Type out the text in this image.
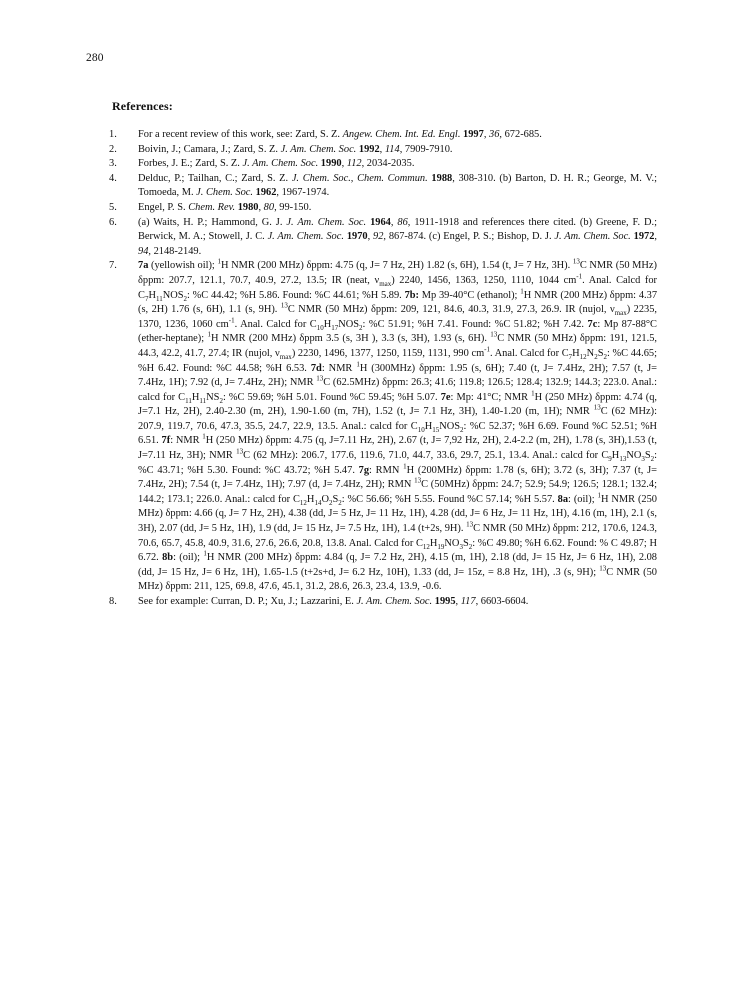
280
References:
1.	For a recent review of this work, see: Zard, S. Z. Angew. Chem. Int. Ed. Engl. 1997, 36, 672-685.
2.	Boivin, J.; Camara, J.; Zard, S. Z. J. Am. Chem. Soc. 1992, 114, 7909-7910.
3.	Forbes, J. E.; Zard, S. Z. J. Am. Chem. Soc. 1990, 112, 2034-2035.
4.	Delduc, P.; Tailhan, C.; Zard, S. Z. J. Chem. Soc., Chem. Commun. 1988, 308-310. (b) Barton, D. H. R.; George, M. V.; Tomoeda, M. J. Chem. Soc. 1962, 1967-1974.
5.	Engel, P. S. Chem. Rev. 1980, 80, 99-150.
6.	(a) Waits, H. P.; Hammond, G. J. J. Am. Chem. Soc. 1964, 86, 1911-1918 and references there cited. (b) Greene, F. D.; Berwick, M. A.; Stowell, J. C. J. Am. Chem. Soc. 1970, 92, 867-874. (c) Engel, P. S.; Bishop, D. J. J. Am. Chem. Soc. 1972, 94, 2148-2149.
7.	7a (yellowish oil); $^1$H NMR (200 MHz) δppm: 4.75 (q, J= 7 Hz, 2H) 1.82 (s, 6H), 1.54 (t, J= 7 Hz, 3H). $^{13}$C NMR (50 MHz) δppm: 207.7, 121.1, 70.7, 40.9, 27.2, 13.5; IR (neat, $\nu_{max}$) 2240, 1456, 1363, 1250, 1110, 1044 $cm^{-1}$. Anal. Calcd for $C_7H_{11}NOS_2$: %C 44.42; %H 5.86. Found: %C 44.61; %H 5.89. 7b: Mp 39-40°C (ethanol); $^1$H NMR (200 MHz) δppm: 4.37 (s, 2H) 1.76 (s, 6H), 1.1 (s, 9H). $^{13}$C NMR (50 MHz) δppm: 209, 121, 84.6, 40.3, 31.9, 27.3, 26.9. IR (nujol, $\nu_{max}$) 2235, 1370, 1236, 1060 $cm^{-1}$. Anal. Calcd for $C_{10}H_{17}NOS_2$: %C 51.91; %H 7.41. Found: %C 51.82; %H 7.42. 7c: Mp 87-88°C (ether-heptane); $^1$H NMR (200 MHz) δppm 3.5 (s, 3H ), 3.3 (s, 3H), 1.93 (s, 6H). $^{13}$C NMR (50 MHz) δppm: 191, 121.5, 44.3, 42.2, 41.7, 27.4; IR (nujol, $\nu_{max}$) 2230, 1496, 1377, 1250, 1159, 1131, 990 $cm^{-1}$. Anal. Calcd for $C_7H_{12}N_2S_2$: %C 44.65; %H 6.42. Found: %C 44.58; %H 6.53. 7d: NMR $^1$H (300MHz) δppm: 1.95 (s, 6H); 7.40 (t, J= 7.4Hz, 2H); 7.57 (t, J= 7.4Hz, 1H); 7.92 (d, J= 7.4Hz, 2H); NMR $^{13}$C (62.5MHz) δppm: 26.3; 41.6; 119.8; 126.5; 128.4; 132.9; 144.3; 223.0. Anal.: calcd for $C_{11}H_{11}NS_2$: %C 59.69; %H 5.01. Found %C 59.45; %H 5.07. 7e: Mp: 41°C; NMR $^1$H (250 MHz) δppm: 4.74 (q, J=7.1 Hz, 2H), 2.40-2.30 (m, 2H), 1.90-1.60 (m, 7H), 1.52 (t, J= 7.1 Hz, 3H), 1.40-1.20 (m, 1H); NMR $^{13}$C (62 MHz): 207.9, 119.7, 70.6, 47.3, 35.5, 24.7, 22.9, 13.5. Anal.: calcd for $C_{10}H_{15}NOS_2$: %C 52.37; %H 6.69. Found %C 52.51; %H 6.51. 7f: NMR $^1$H (250 MHz) δppm: 4.75 (q, J=7.11 Hz, 2H), 2.67 (t, J= 7,92 Hz, 2H), 2.4-2.2 (m, 2H), 1.78 (s, 3H),1.53 (t, J=7.11 Hz, 3H); NMR $^{13}$C (62 MHz): 206.7, 177.6, 119.6, 71.0, 44.7, 33.6, 29.7, 25.1, 13.4. Anal.: calcd for $C_9H_{13}NO_3S_2$: %C 43.71; %H 5.30. Found: %C 43.72; %H 5.47. 7g: RMN $^1$H (200MHz) δppm: 1.78 (s, 6H); 3.72 (s, 3H); 7.37 (t, J= 7.4Hz, 2H); 7.54 (t, J= 7.4Hz, 1H); 7.97 (d, J= 7.4Hz, 2H); RMN $^{13}$C (50MHz) δppm: 24.7; 52.9; 54.9; 126.5; 128.1; 132.4; 144.2; 173.1; 226.0. Anal.: calcd for $C_{12}H_{14}O_2S_2$: %C 56.66; %H 5.55. Found %C 57.14; %H 5.57. 8a: (oil); $^1$H NMR (250 MHz) δppm: 4.66 (q, J= 7 Hz, 2H), 4.38 (dd, J= 5 Hz, J= 11 Hz, 1H), 4.28 (dd, J= 6 Hz, J= 11 Hz, 1H), 4.16 (m, 1H), 2.1 (s, 3H), 2.07 (dd, J= 5 Hz, 1H), 1.9 (dd, J= 15 Hz, J= 7.5 Hz, 1H), 1.4 (t+2s, 9H). $^{13}$C NMR (50 MHz) δppm: 212, 170.6, 124.3, 70.6, 65.7, 45.8, 40.9, 31.6, 27.6, 26.6, 20.8, 13.8. Anal. Calcd for $C_{12}H_{19}NO_3S_2$: %C 49.80; %H 6.62. Found: % C 49.87; H 6.72. 8b: (oil); $^1$H NMR (200 MHz) δppm: 4.84 (q, J= 7.2 Hz, 2H), 4.15 (m, 1H), 2.18 (dd, J= 15 Hz, J= 6 Hz, 1H), 2.08 (dd, J= 15 Hz, J= 6 Hz, 1H), 1.65-1.5 (t+2s+d, J= 6.2 Hz, 10H), 1.33 (dd, J= 15z, = 8.8 Hz, 1H), .3 (s, 9H); $^{13}$C NMR (50 MHz) δppm: 211, 125, 69.8, 47.6, 45.1, 31.2, 28.6, 26.3, 23.4, 13.9, -0.6.
8.	See for example: Curran, D. P.; Xu, J.; Lazzarini, E. J. Am. Chem. Soc. 1995, 117, 6603-6604.
